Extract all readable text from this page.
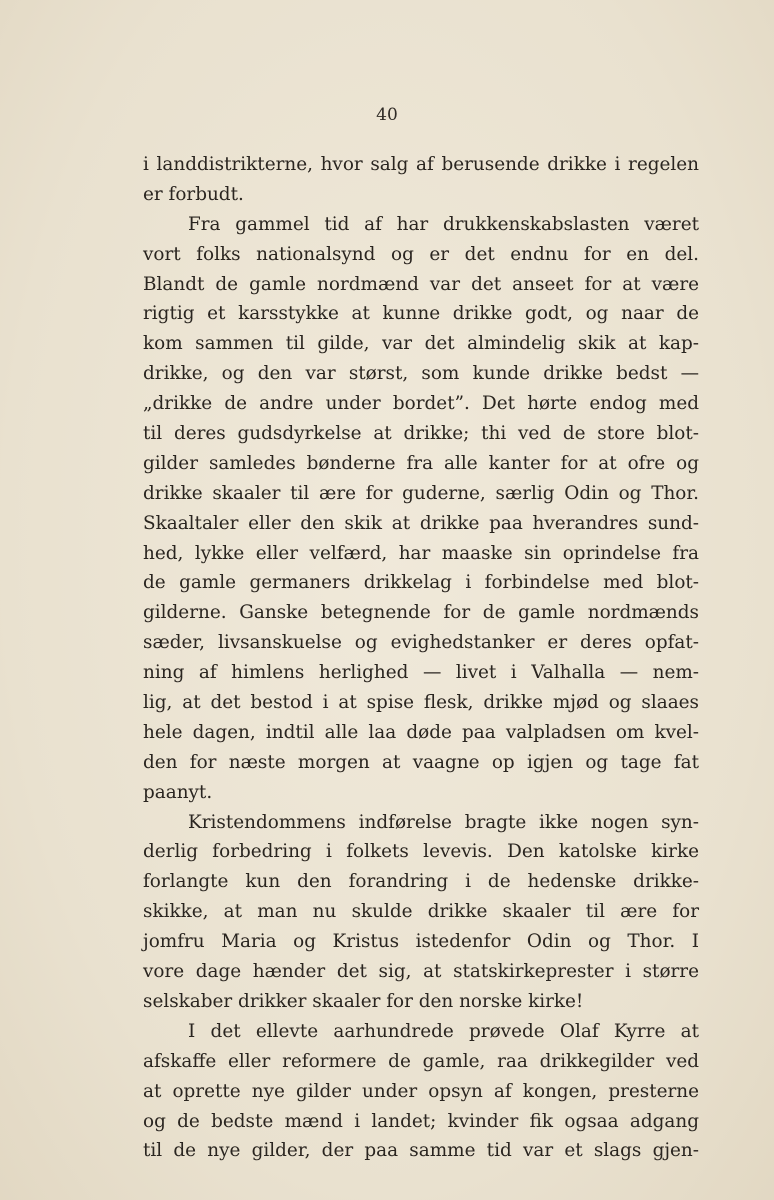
40
i landdistrikterne, hvor salg af berusende drikke i regelen
er forbudt.
Fra gammel tid af har drukkenskabslasten været
vort folks nationalsynd og er det endnu for en del.
Blandt de gamle nordmænd var det anseet for at være
rigtig et karsstykke at kunne drikke godt, og naar de
kom sammen til gilde, var det almindelig skik at kap-
drikke, og den var størst, som kunde drikke bedst —
„drikke de andre under bordet”. Det hørte endog med
til deres gudsdyrkelse at drikke; thi ved de store blot-
gilder samledes bønderne fra alle kanter for at ofre og
drikke skaaler til ære for guderne, særlig Odin og Thor.
Skaaltaler eller den skik at drikke paa hverandres sund-
hed, lykke eller velfærd, har maaske sin oprindelse fra
de gamle germaners drikkelag i forbindelse med blot-
gilderne. Ganske betegnende for de gamle nordmænds
sæder, livsanskuelse og evighedstanker er deres opfat-
ning af himlens herlighed — livet i Valhalla — nem-
lig, at det bestod i at spise flesk, drikke mjød og slaaes
hele dagen, indtil alle laa døde paa valpladsen om kvel-
den for næste morgen at vaagne op igjen og tage fat
paanyt.
Kristendommens indførelse bragte ikke nogen syn-
derlig forbedring i folkets levevis. Den katolske kirke
forlangte kun den forandring i de hedenske drikke-
skikke, at man nu skulde drikke skaaler til ære for
jomfru Maria og Kristus istedenfor Odin og Thor. I
vore dage hænder det sig, at statskirkeprester i større
selskaber drikker skaaler for den norske kirke!
I det ellevte aarhundrede prøvede Olaf Kyrre at
afskaffe eller reformere de gamle, raa drikkegilder ved
at oprette nye gilder under opsyn af kongen, presterne
og de bedste mænd i landet; kvinder fik ogsaa adgang
til de nye gilder, der paa samme tid var et slags gjen-
